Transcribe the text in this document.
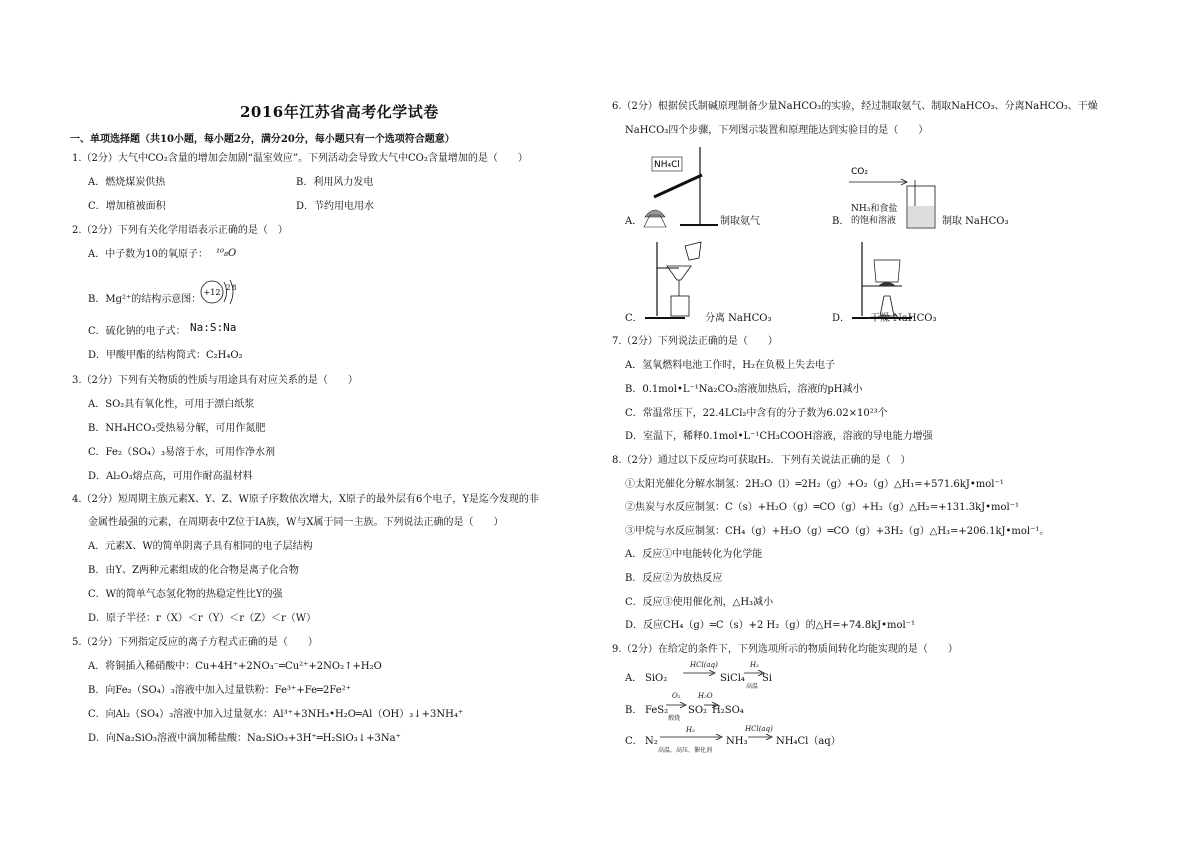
2016年江苏省高考化学试卷
一、单项选择题（共10小题，每小题2分，满分20分，每小题只有一个选项符合题意）
1.（2分）大气中CO₂含量的增加会加剧“温室效应”。下列活动会导致大气中CO₂含量增加的是（　　）
A．燃烧煤炭供热	B．利用风力发电
C．增加植被面积	D．节约用电用水
2.（2分）下列有关化学用语表示正确的是（　）
A．中子数为10的氧原子： ¹⁰₈O
B．Mg²⁺的结构示意图：
+12 2 8
C．硫化钠的电子式： Na:S:Na
D．甲酸甲酯的结构简式：C₂H₄O₂
3.（2分）下列有关物质的性质与用途具有对应关系的是（　　）
A．SO₂具有氧化性，可用于漂白纸浆
B．NH₄HCO₃受热易分解，可用作氮肥
C．Fe₂（SO₄）₃易溶于水，可用作净水剂
D．Al₂O₃熔点高，可用作耐高温材料
4.（2分）短周期主族元素X、Y、Z、W原子序数依次增大，X原子的最外层有6个电子，Y是迄今发现的非
金属性最强的元素，在周期表中Z位于IA族，W与X属于同一主族。下列说法正确的是（　　）
A．元素X、W的简单阴离子具有相同的电子层结构
B．由Y、Z两种元素组成的化合物是离子化合物
C．W的简单气态氢化物的热稳定性比Y的强
D．原子半径：r（X）＜r（Y）＜r（Z）＜r（W）
5.（2分）下列指定反应的离子方程式正确的是（　　）
A．将铜插入稀硝酸中：Cu+4H⁺+2NO₃⁻═Cu²⁺+2NO₂↑+H₂O
B．向Fe₂（SO₄）₃溶液中加入过量铁粉：Fe³⁺+Fe═2Fe²⁺
C．向Al₂（SO₄）₃溶液中加入过量氨水：Al³⁺+3NH₃•H₂O═Al（OH）₃↓+3NH₄⁺
D．向Na₂SiO₃溶液中滴加稀盐酸：Na₂SiO₃+3H⁺═H₂SiO₃↓+3Na⁺
6.（2分）根据侯氏制碱原理制备少量NaHCO₃的实验，经过制取氨气、制取NaHCO₃、分离NaHCO₃、干燥
NaHCO₃四个步骤，下列图示装置和原理能达到实验目的是（　　）
A．
NH₄Cl
制取氨气	B．
CO₂
NH₃和食盐
的饱和溶液	制取 NaHCO₃
C．	分离 NaHCO₃	D． 干燥 NaHCO₃
7.（2分）下列说法正确的是（　　）
A．氢氧燃料电池工作时，H₂在负极上失去电子
B．0.1mol•L⁻¹Na₂CO₃溶液加热后，溶液的pH减小
C．常温常压下，22.4LCl₂中含有的分子数为6.02×10²³个
D．室温下，稀释0.1mol•L⁻¹CH₃COOH溶液，溶液的导电能力增强
8.（2分）通过以下反应均可获取H₂．下列有关说法正确的是（　）
①太阳光催化分解水制氢：2H₂O（l）═2H₂（g）+O₂（g）△H₁=+571.6kJ•mol⁻¹
②焦炭与水反应制氢：C（s）+H₂O（g）═CO（g）+H₂（g）△H₂=+131.3kJ•mol⁻¹
③甲烷与水反应制氢：CH₄（g）+H₂O（g）═CO（g）+3H₂（g）△H₃=+206.1kJ•mol⁻¹。
A．反应①中电能转化为化学能
B．反应②为放热反应
C．反应③使用催化剂，△H₃减小
D．反应CH₄（g）═C（s）+2 H₂（g）的△H=+74.8kJ•mol⁻¹
9.（2分）在给定的条件下，下列选项所示的物质间转化均能实现的是（　　）
A． SiO₂
HCl(aq)
SiCl₄
H₂
高温
Si
B． FeS₂
O₂
煅烧
SO₂
H₂O
H₂SO₄
C． N₂
H₂
高温、高压、催化剂
NH₃
HCl(aq)
NH₄Cl（aq）
